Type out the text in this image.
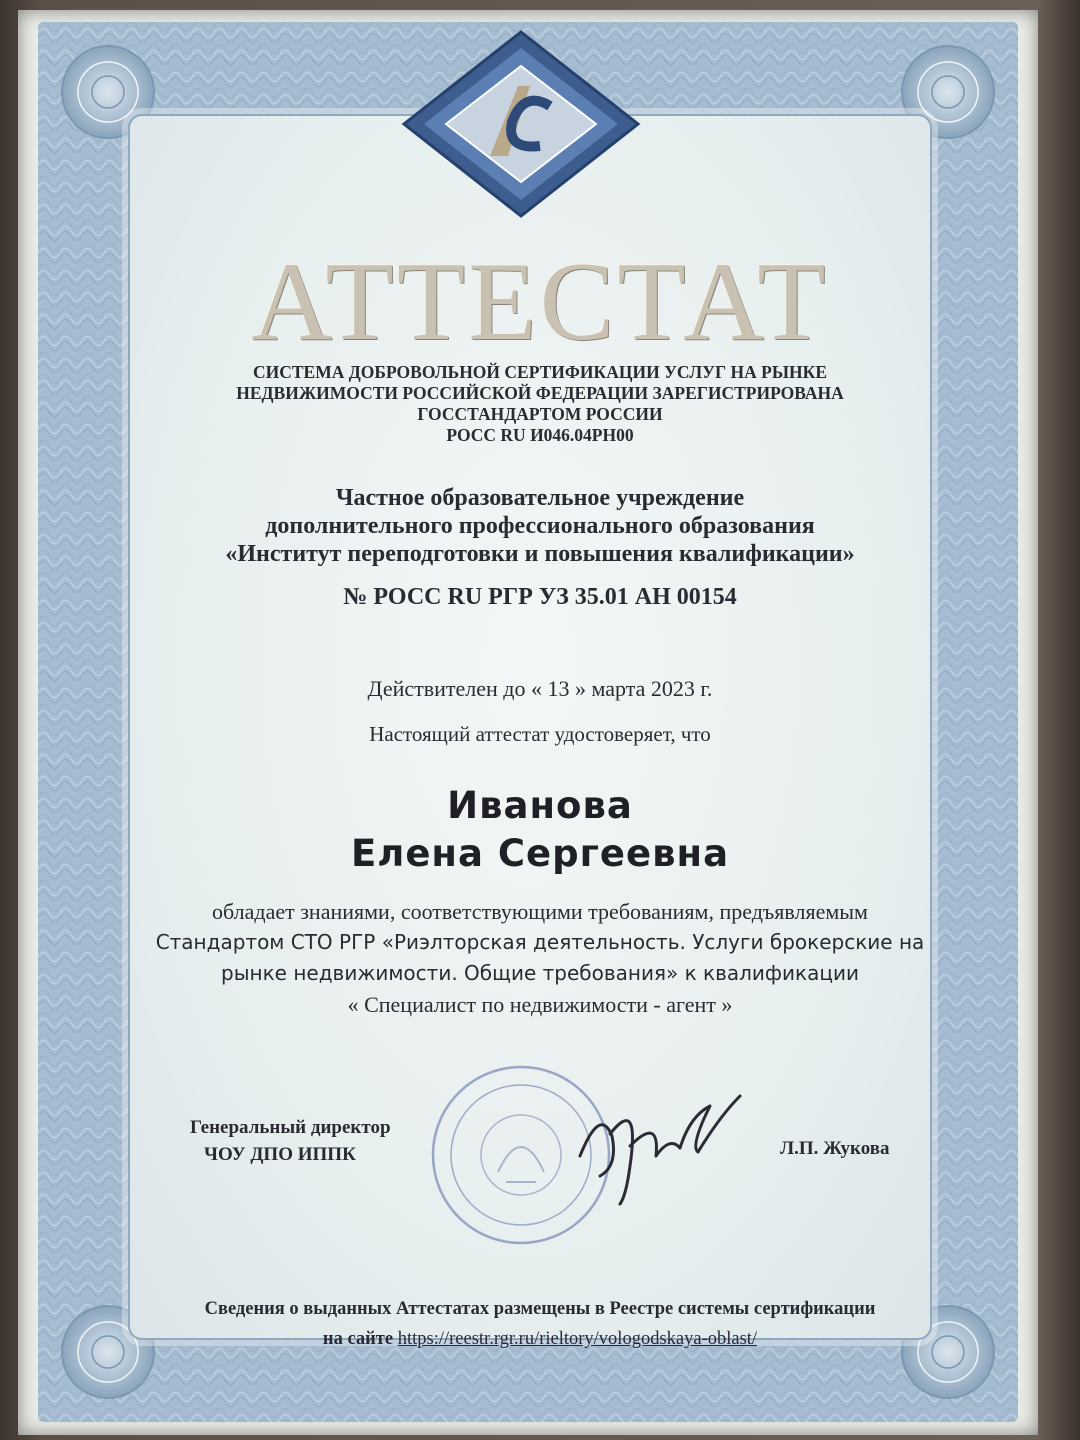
АТТЕСТАТ
СИСТЕМА ДОБРОВОЛЬНОЙ СЕРТИФИКАЦИИ УСЛУГ НА РЫНКЕ
НЕДВИЖИМОСТИ РОССИЙСКОЙ ФЕДЕРАЦИИ ЗАРЕГИСТРИРОВАНА
ГОССТАНДАРТОМ РОССИИ
РОСС RU И046.04РН00
Частное образовательное учреждение
дополнительного профессионального образования
«Институт переподготовки и повышения квалификации»
№ РОСС RU РГР УЗ 35.01 АН 00154
Действителен до « 13 » марта 2023 г.
Настоящий аттестат удостоверяет, что
Иванова
Елена Сергеевна
обладает знаниями, соответствующими требованиям, предъявляемым
Стандартом СТО РГР «Риэлторская деятельность. Услуги брокерские на
рынке недвижимости. Общие требования» к квалификации
« Специалист по недвижимости - агент »
Генеральный директор
ЧОУ ДПО ИППК	Л.П. Жукова
Сведения о выданных Аттестатах размещены в Реестре системы сертификации
на сайте https://reestr.rgr.ru/rieltory/vologodskaya-oblast/
